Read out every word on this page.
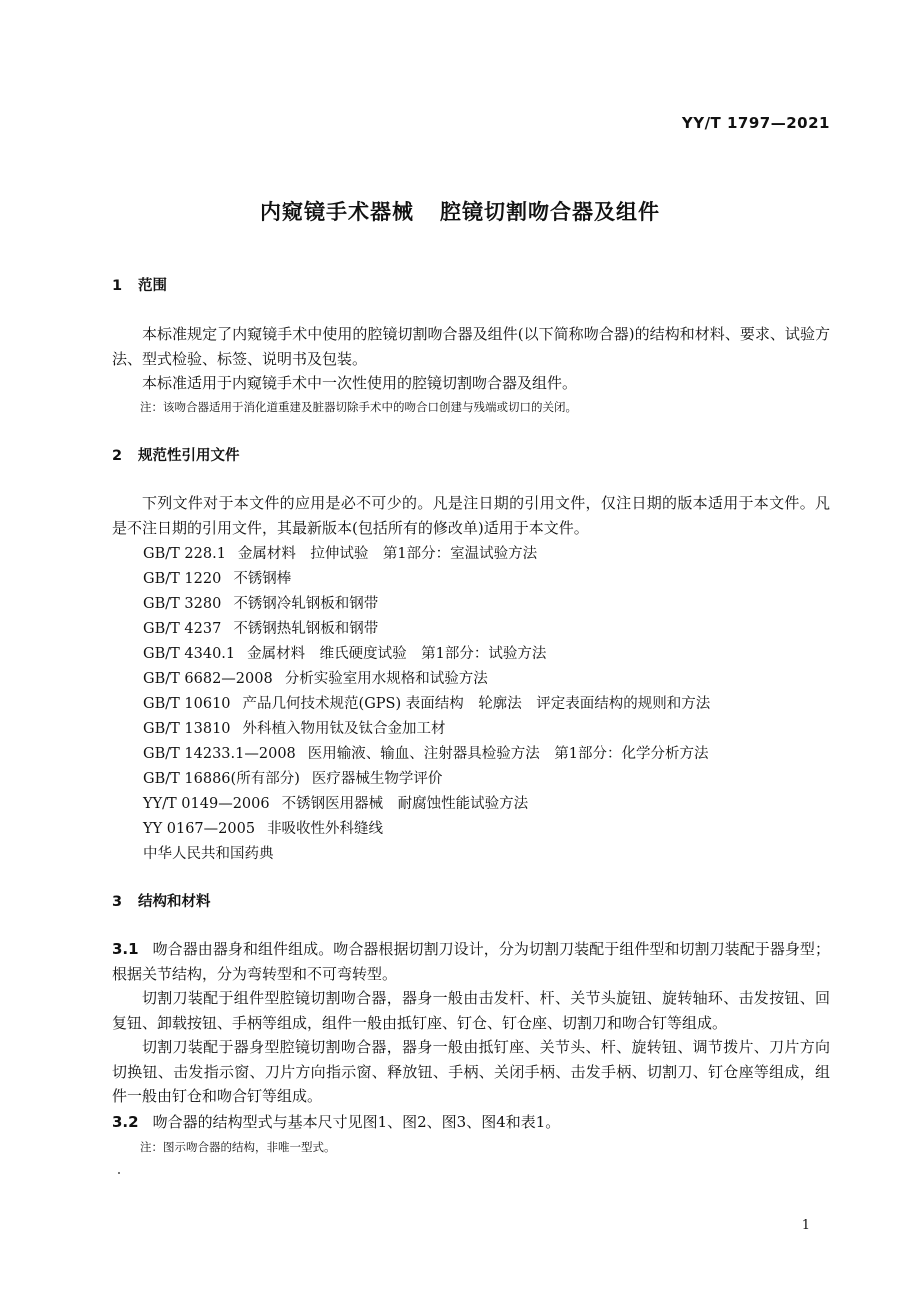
YY/T 1797—2021
内窥镜手术器械 腔镜切割吻合器及组件
1 范围
本标准规定了内窥镜手术中使用的腔镜切割吻合器及组件(以下简称吻合器)的结构和材料、要求、试验方法、型式检验、标签、说明书及包装。
本标准适用于内窥镜手术中一次性使用的腔镜切割吻合器及组件。
注：该吻合器适用于消化道重建及脏器切除手术中的吻合口创建与残端或切口的关闭。
2 规范性引用文件
下列文件对于本文件的应用是必不可少的。凡是注日期的引用文件，仅注日期的版本适用于本文件。凡是不注日期的引用文件，其最新版本(包括所有的修改单)适用于本文件。
GB/T 228.1 金属材料　拉伸试验　第1部分：室温试验方法
GB/T 1220 不锈钢棒
GB/T 3280 不锈钢冷轧钢板和钢带
GB/T 4237 不锈钢热轧钢板和钢带
GB/T 4340.1 金属材料　维氏硬度试验　第1部分：试验方法
GB/T 6682—2008 分析实验室用水规格和试验方法
GB/T 10610 产品几何技术规范(GPS) 表面结构　轮廓法　评定表面结构的规则和方法
GB/T 13810 外科植入物用钛及钛合金加工材
GB/T 14233.1—2008 医用输液、输血、注射器具检验方法　第1部分：化学分析方法
GB/T 16886(所有部分) 医疗器械生物学评价
YY/T 0149—2006 不锈钢医用器械　耐腐蚀性能试验方法
YY 0167—2005 非吸收性外科缝线
中华人民共和国药典
3 结构和材料
3.1 吻合器由器身和组件组成。吻合器根据切割刀设计，分为切割刀装配于组件型和切割刀装配于器身型；根据关节结构，分为弯转型和不可弯转型。
切割刀装配于组件型腔镜切割吻合器，器身一般由击发杆、杆、关节头旋钮、旋转轴环、击发按钮、回复钮、卸载按钮、手柄等组成，组件一般由抵钉座、钉仓、钉仓座、切割刀和吻合钉等组成。
切割刀装配于器身型腔镜切割吻合器，器身一般由抵钉座、关节头、杆、旋转钮、调节拨片、刀片方向切换钮、击发指示窗、刀片方向指示窗、释放钮、手柄、关闭手柄、击发手柄、切割刀、钉仓座等组成，组件一般由钉仓和吻合钉等组成。
3.2 吻合器的结构型式与基本尺寸见图1、图2、图3、图4和表1。
注：图示吻合器的结构，非唯一型式。
1
